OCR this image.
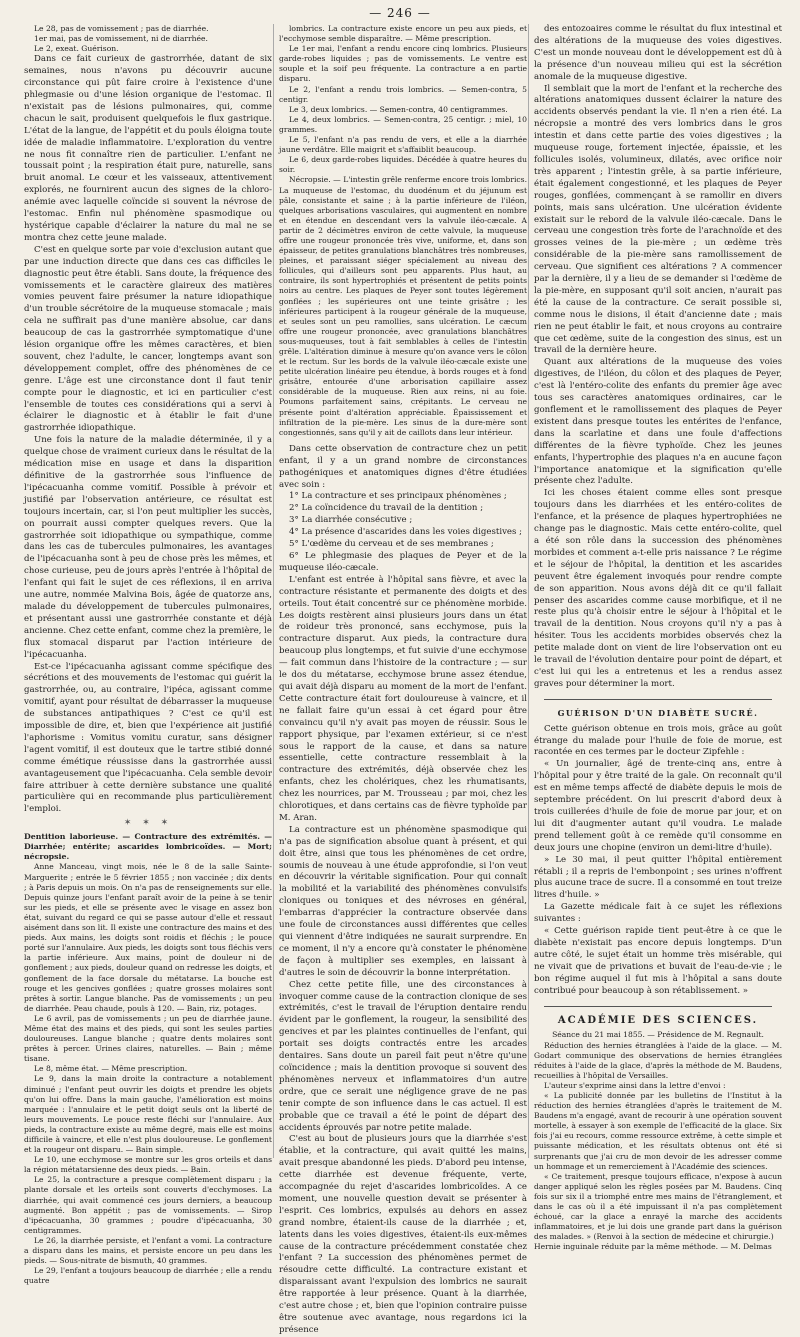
— 246 —

Le 28, pas de vomissement ; pas de diarrhée.

1er mai, pas de vomissement, ni de diarrhée.

Le 2, exeat. Guérison.

Dans ce fait curieux de gastrorrhée, datant de six semaines, nous n'avons pu découvrir aucune circonstance qui pût faire croire à l'existence d'une phlegmasie ou d'une lésion organique de l'estomac. Il n'existait pas de lésions pulmonaires, qui, comme chacun le sait, produisent quelquefois le flux gastrique. L'état de la langue, de l'appétit et du pouls éloigna toute idée de maladie inflammatoire. L'exploration du ventre ne nous fit connaître rien de particulier. L'enfant ne toussait point ; la respiration était pure, naturelle, sans bruit anomal. Le cœur et les vaisseaux, attentivement explorés, ne fournirent aucun des signes de la chloro-anémie avec laquelle coïncide si souvent la névrose de l'estomac. Enfin nul phénomène spasmodique ou hystérique capable d'éclairer la nature du mal ne se montra chez cette jeune malade.

C'est en quelque sorte par voie d'exclusion autant que par une induction directe que dans ces cas difficiles le diagnostic peut être établi. Sans doute, la fréquence des vomissements et le caractère glaireux des matières vomies peuvent faire présumer la nature idiopathique d'un trouble sécrétoire de la muqueuse stomacale ; mais cela ne suffirait pas d'une manière absolue, car dans beaucoup de cas la gastrorrhée symptomatique d'une lésion organique offre les mêmes caractères, et bien souvent, chez l'adulte, le cancer, longtemps avant son développement complet, offre des phénomènes de ce genre. L'âge est une circonstance dont il faut tenir compte pour le diagnostic, et ici en particulier c'est l'ensemble de toutes ces considérations qui a servi à éclairer le diagnostic et à établir le fait d'une gastrorrhée idiopathique.

Une fois la nature de la maladie déterminée, il y a quelque chose de vraiment curieux dans le résultat de la médication mise en usage et dans la disparition définitive de la gastrorrhée sous l'influence de l'ipécacuanha comme vomitif. Possible à prévoir et justifié par l'observation antérieure, ce résultat est toujours incertain, car, si l'on peut multiplier les succès, on pourrait aussi compter quelques revers. Que la gastrorrhée soit idiopathique ou sympathique, comme dans les cas de tubercules pulmonaires, les avantages de l'ipécacuanha sont à peu de chose près les mêmes, et chose curieuse, peu de jours après l'entrée à l'hôpital de l'enfant qui fait le sujet de ces réflexions, il en arriva une autre, nommée Malvina Bois, âgée de quatorze ans, malade du développement de tubercules pulmonaires, et présentant aussi une gastrorrhée constante et déjà ancienne. Chez cette enfant, comme chez la première, le flux stomacal disparut par l'action intérieure de l'ipécacuanha.

Est-ce l'ipécacuanha agissant comme spécifique des sécrétions et des mouvements de l'estomac qui guérit la gastrorrhée, ou, au contraire, l'ipéca, agissant comme vomitif, ayant pour résultat de débarrasser la muqueuse de substances antipathiques ? C'est ce qu'il est impossible de dire, et, bien que l'expérience ait justifié l'aphorisme : Vomitus vomitu curatur, sans désigner l'agent vomitif, il est douteux que le tartre stibié donné comme émétique réussisse dans la gastrorrhée aussi avantageusement que l'ipécacuanha. Cela semble devoir faire attribuer à cette dernière substance une qualité particulière qui en recommande plus particulièrement l'emploi.

✶ ✶ ✶

Dentition laborieuse. — Contracture des extrémités. — Diarrhée; entérite; ascarides lombricoïdes. — Mort; nécropsie.

Anne Manceau, vingt mois, née le 8 de la salle Sainte-Marguerite ; entrée le 5 février 1855 ; non vaccinée ; dix dents ; à Paris depuis un mois. On n'a pas de renseignements sur elle. Depuis quinze jours l'enfant paraît avoir de la peine à se tenir sur les pieds, et elle se présente avec le visage en assez bon état, suivant du regard ce qui se passe autour d'elle et ressaut aisément dans son lit. Il existe une contracture des mains et des pieds. Aux mains, les doigts sont roidis et fléchis ; le pouce porté sur l'annulaire. Aux pieds, les doigts sont tous fléchis vers la partie inférieure. Aux mains, point de douleur ni de gonflement ; aux pieds, douleur quand on redresse les doigts, et gonflement de la face dorsale du métatarse. La bouche est rouge et les gencives gonflées ; quatre grosses molaires sont prêtes à sortir. Langue blanche. Pas de vomissements ; un peu de diarrhée. Peau chaude, pouls à 120. — Bain, riz, potages.

Le 6 avril, pas de vomissements ; un peu de diarrhée jaune. Même état des mains et des pieds, qui sont les seules parties douloureuses. Langue blanche ; quatre dents molaires sont prêtes à percer. Urines claires, naturelles. — Bain ; même tisane.

Le 8, même état. — Même prescription.

Le 9, dans la main droite la contracture a notablement diminué ; l'enfant peut ouvrir les doigts et prendre les objets qu'on lui offre. Dans la main gauche, l'amélioration est moins marquée : l'annulaire et le petit doigt seuls ont la liberté de leurs mouvements. Le pouce reste fléchi sur l'annulaire. Aux pieds, la contracture existe au même degré, mais elle est moins difficile à vaincre, et elle n'est plus douloureuse. Le gonflement et la rougeur ont disparu. — Bain simple.

Le 10, une ecchymose se montre sur les gros orteils et dans la région métatarsienne des deux pieds. — Bain.

Le 25, la contracture a presque complètement disparu ; la plante dorsale et les orteils sont couverts d'ecchymoses. La diarrhée, qui avait commencé ces jours derniers, a beaucoup augmenté. Bon appétit ; pas de vomissements. — Sirop d'ipécacuanha, 30 grammes ; poudre d'ipécacuanha, 30 centigrammes.

Le 26, la diarrhée persiste, et l'enfant a vomi. La contracture a disparu dans les mains, et persiste encore un peu dans les pieds. — Sous-nitrate de bismuth, 40 grammes.

Le 29, l'enfant a toujours beaucoup de diarrhée ; elle a rendu quatre

lombrics. La contracture existe encore un peu aux pieds, et l'ecchymose semble disparaître. — Même prescription.

Le 1er mai, l'enfant a rendu encore cinq lombrics. Plusieurs garde-robes liquides ; pas de vomissements. Le ventre est souple et la soif peu fréquente. La contracture a en partie disparu.

Le 2, l'enfant a rendu trois lombrics. — Semen-contra, 5 centigr.

Le 3, deux lombrics. — Semen-contra, 40 centigrammes.

Le 4, deux lombrics. — Semen-contra, 25 centigr. ; miel, 10 grammes.

Le 5, l'enfant n'a pas rendu de vers, et elle a la diarrhée jaune verdâtre. Elle maigrit et s'affaiblit beaucoup.

Le 6, deux garde-robes liquides. Décédée à quatre heures du soir.

Nécropsie. — L'intestin grêle renferme encore trois lombrics. La muqueuse de l'estomac, du duodénum et du jéjunum est pâle, consistante et saine ; à la partie inférieure de l'iléon, quelques arborisations vasculaires, qui augmentent en nombre et en étendue en descendant vers la valvule iléo-cæcale. A partir de 2 décimètres environ de cette valvule, la muqueuse offre une rougeur prononcée très vive, uniforme, et, dans son épaisseur, de petites granulations blanchâtres très nombreuses, pleines, et paraissant siéger spécialement au niveau des follicules, qui d'ailleurs sont peu apparents. Plus haut, au contraire, ils sont hypertrophiés et présentent de petits points noirs au centre. Les plaques de Peyer sont toutes légèrement gonflées ; les supérieures ont une teinte grisâtre ; les inférieures participent à la rougeur générale de la muqueuse, et seules sont un peu ramollies, sans ulcération. Le cæcum offre une rougeur prononcée, avec granulations blanchâtres sous-muqueuses, tout à fait semblables à celles de l'intestin grêle. L'altération diminue à mesure qu'on avance vers le côlon et le rectum. Sur les bords de la valvule iléo-cæcale existe une petite ulcération linéaire peu étendue, à bords rouges et à fond grisâtre, entourée d'une arborisation capillaire assez considérable de la muqueuse. Rien aux reins, ni au foie. Poumons parfaitement sains, crépitants. Le cerveau ne présente point d'altération appréciable. Épaississement et infiltration de la pie-mère. Les sinus de la dure-mère sont congestionnés, sans qu'il y ait de caillots dans leur intérieur.

Dans cette observation de contracture chez un petit enfant, il y a un grand nombre de circonstances pathogéniques et anatomiques dignes d'être étudiées avec soin :

1° La contracture et ses principaux phénomènes ;

2° La coïncidence du travail de la dentition ;

3° La diarrhée consécutive ;

4° La présence d'ascarides dans les voies digestives ;

5° L'œdème du cerveau et de ses membranes ;

6° Le phlegmasie des plaques de Peyer et de la muqueuse iléo-cæcale.

L'enfant est entrée à l'hôpital sans fièvre, et avec la contracture résistante et permanente des doigts et des orteils. Tout était concentré sur ce phénomène morbide. Les doigts restèrent ainsi plusieurs jours dans un état de roideur très prononcé, sans ecchymose, puis la contracture disparut. Aux pieds, la contracture dura beaucoup plus longtemps, et fut suivie d'une ecchymose — fait commun dans l'histoire de la contracture ; — sur le dos du métatarse, ecchymose brune assez étendue, qui avait déjà disparu au moment de la mort de l'enfant. Cette contracture était fort douloureuse à vaincre, et il ne fallait faire qu'un essai à cet égard pour être convaincu qu'il n'y avait pas moyen de réussir. Sous le rapport physique, par l'examen extérieur, si ce n'est sous le rapport de la cause, et dans sa nature essentielle, cette contracture ressemblait à la contracture des extrémités, déjà observée chez les enfants, chez les cholériques, chez les rhumatisants, chez les nourrices, par M. Trousseau ; par moi, chez les chlorotiques, et dans certains cas de fièvre typhoïde par M. Aran.

La contracture est un phénomène spasmodique qui n'a pas de signification absolue quant à présent, et qui doit être, ainsi que tous les phénomènes de cet ordre, soumis de nouveau à une étude approfondie, si l'on veut en découvrir la véritable signification. Pour qui connaît la mobilité et la variabilité des phénomènes convulsifs cloniques ou toniques et des névroses en général, l'embarras d'apprécier la contracture observée dans une foule de circonstances aussi différentes que celles qui viennent d'être indiquées ne saurait surprendre. En ce moment, il n'y a encore qu'à constater le phénomène de façon à multiplier ses exemples, en laissant à d'autres le soin de découvrir la bonne interprétation.

Chez cette petite fille, une des circonstances à invoquer comme cause de la contraction clonique de ses extrémités, c'est le travail de l'éruption dentaire rendu évident par le gonflement, la rougeur, la sensibilité des gencives et par les plaintes continuelles de l'enfant, qui portait ses doigts contractés entre les arcades dentaires. Sans doute un pareil fait peut n'être qu'une coïncidence ; mais la dentition provoque si souvent des phénomènes nerveux et inflammatoires d'un autre ordre, que ce serait une négligence grave de ne pas tenir compte de son influence dans le cas actuel. Il est probable que ce travail a été le point de départ des accidents éprouvés par notre petite malade.

C'est au bout de plusieurs jours que la diarrhée s'est établie, et la contracture, qui avait quitté les mains, avait presque abandonné les pieds. D'abord peu intense, cette diarrhée est devenue fréquente, verte, accompagnée du rejet d'ascarides lombricoïdes. A ce moment, une nouvelle question devait se présenter à l'esprit. Ces lombrics, expulsés au dehors en assez grand nombre, étaient-ils cause de la diarrhée ; et, latents dans les voies digestives, étaient-ils eux-mêmes cause de la contracture précédemment constatée chez l'enfant ? La succession des phénomènes permet de résoudre cette difficulté. La contracture existant et disparaissant avant l'expulsion des lombrics ne saurait être rapportée à leur présence. Quant à la diarrhée, c'est autre chose ; et, bien que l'opinion contraire puisse être soutenue avec avantage, nous regardons ici la présence

des entozoaires comme le résultat du flux intestinal et des altérations de la muqueuse des voies digestives. C'est un monde nouveau dont le développement est dû à la présence d'un nouveau milieu qui est la sécrétion anomale de la muqueuse digestive.

Il semblait que la mort de l'enfant et la recherche des altérations anatomiques dussent éclairer la nature des accidents observés pendant la vie. Il n'en a rien été. La nécropsie a montré des vers lombrics dans le gros intestin et dans cette partie des voies digestives ; la muqueuse rouge, fortement injectée, épaissie, et les follicules isolés, volumineux, dilatés, avec orifice noir très apparent ; l'intestin grêle, à sa partie inférieure, était également congestionné, et les plaques de Peyer rouges, gonflées, commençant à se ramollir en divers points, mais sans ulcération. Une ulcération évidente existait sur le rebord de la valvule iléo-cæcale. Dans le cerveau une congestion très forte de l'arachnoïde et des grosses veines de la pie-mère ; un œdème très considérable de la pie-mère sans ramollissement de cerveau. Que signifient ces altérations ? A commencer par la dernière, il y a lieu de se demander si l'œdème de la pie-mère, en supposant qu'il soit ancien, n'aurait pas été la cause de la contracture. Ce serait possible si, comme nous le disions, il était d'ancienne date ; mais rien ne peut établir le fait, et nous croyons au contraire que cet œdème, suite de la congestion des sinus, est un travail de la dernière heure.

Quant aux altérations de la muqueuse des voies digestives, de l'iléon, du côlon et des plaques de Peyer, c'est là l'entéro-colite des enfants du premier âge avec tous ses caractères anatomiques ordinaires, car le gonflement et le ramollissement des plaques de Peyer existent dans presque toutes les entérites de l'enfance, dans la scarlatine et dans une foule d'affections différentes de la fièvre typhoïde. Chez les jeunes enfants, l'hypertrophie des plaques n'a en aucune façon l'importance anatomique et la signification qu'elle présente chez l'adulte.

Ici les choses étaient comme elles sont presque toujours dans les diarrhées et les entéro-colites de l'enfance, et la présence de plaques hypertrophiées ne change pas le diagnostic. Mais cette entéro-colite, quel a été son rôle dans la succession des phénomènes morbides et comment a-t-elle pris naissance ? Le régime et le séjour de l'hôpital, la dentition et les ascarides peuvent être également invoqués pour rendre compte de son apparition. Nous avons déjà dit ce qu'il fallait penser des ascarides comme cause morbifique, et il ne reste plus qu'à choisir entre le séjour à l'hôpital et le travail de la dentition. Nous croyons qu'il n'y a pas à hésiter. Tous les accidents morbides observés chez la petite malade dont on vient de lire l'observation ont eu le travail de l'évolution dentaire pour point de départ, et c'est lui qui les a entretenus et les a rendus assez graves pour déterminer la mort.

GUÉRISON D'UN DIABÈTE SUCRÉ.

Cette guérison obtenue en trois mois, grâce au goût étrange du malade pour l'huile de foie de morue, est racontée en ces termes par le docteur Zipfehle :

« Un journalier, âgé de trente-cinq ans, entre à l'hôpital pour y être traité de la gale. On reconnaît qu'il est en même temps affecté de diabète depuis le mois de septembre précédent. On lui prescrit d'abord deux à trois cuillerées d'huile de foie de morue par jour, et on lui dit d'augmenter autant qu'il voudra. Le malade prend tellement goût à ce remède qu'il consomme en deux jours une chopine (environ un demi-litre d'huile).

» Le 30 mai, il peut quitter l'hôpital entièrement rétabli ; il a repris de l'embonpoint ; ses urines n'offrent plus aucune trace de sucre. Il a consommé en tout treize litres d'huile. »

La Gazette médicale fait à ce sujet les réflexions suivantes :

« Cette guérison rapide tient peut-être à ce que le diabète n'existait pas encore depuis longtemps. D'un autre côté, le sujet était un homme très misérable, qui ne vivait que de privations et buvait de l'eau-de-vie ; le bon régime auquel il fut mis à l'hôpital a sans doute contribué pour beaucoup à son rétablissement. »

ACADÉMIE DES SCIENCES.

Séance du 21 mai 1855. — Présidence de M. Regnault.

Réduction des hernies étranglées à l'aide de la glace. — M. Godart communique des observations de hernies étranglées réduites à l'aide de la glace, d'après la méthode de M. Baudens, recueillies à l'hôpital de Versailles.

L'auteur s'exprime ainsi dans la lettre d'envoi :

« La publicité donnée par les bulletins de l'Institut à la réduction des hernies étranglées d'après le traitement de M. Baudens m'a engagé, avant de recourir à une opération souvent mortelle, à essayer à son exemple de l'efficacité de la glace. Six fois j'ai eu recours, comme ressource extrême, à cette simple et puissante médication, et les résultats obtenus ont été si surprenants que j'ai cru de mon devoir de les adresser comme un hommage et un remerciement à l'Académie des sciences.

« Ce traitement, presque toujours efficace, n'expose à aucun danger appliqué selon les règles posées par M. Baudens. Cinq fois sur six il a triomphé entre mes mains de l'étranglement, et dans le cas où il a été impuissant il n'a pas complètement échoué, car la glace a enrayé la marche des accidents inflammatoires, et je lui dois une grande part dans la guérison des malades. » (Renvoi à la section de médecine et chirurgie.)

Hernie inguinale réduite par la même méthode. — M. Delmas
